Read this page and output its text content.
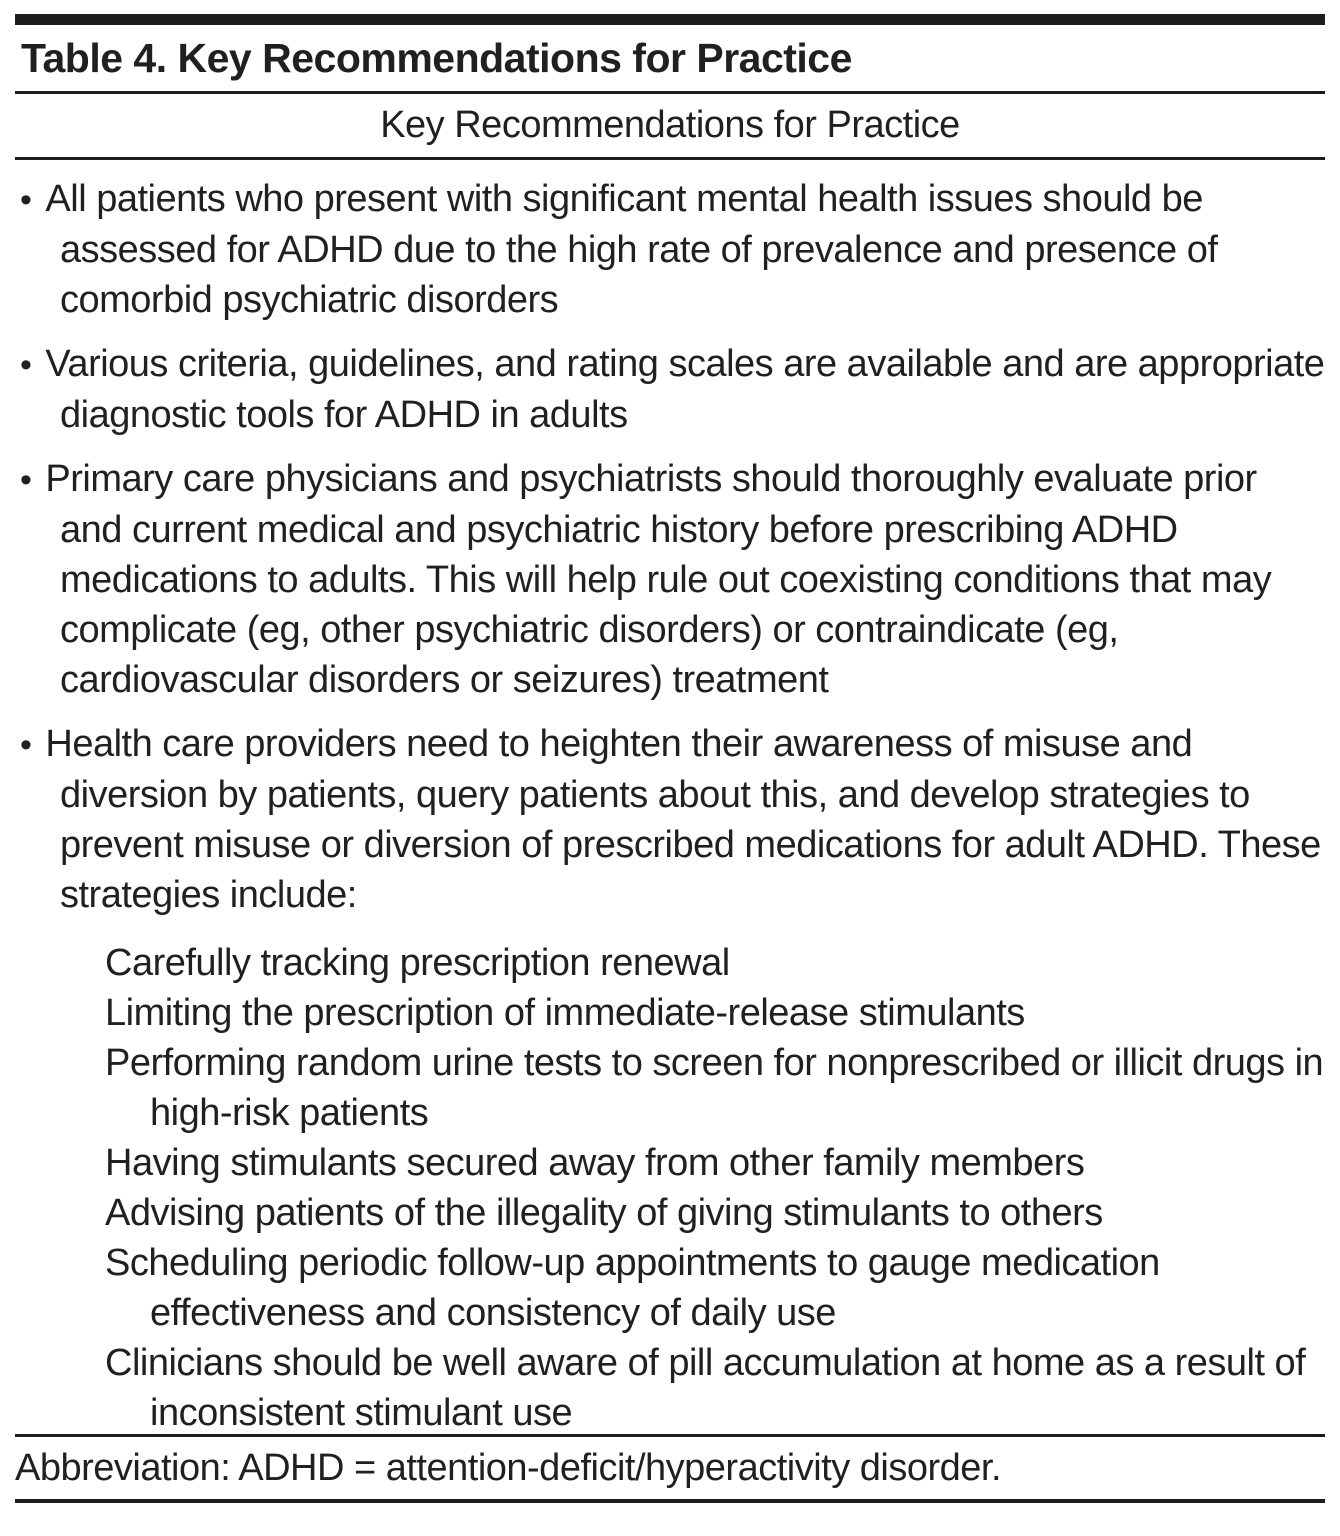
Table 4. Key Recommendations for Practice
Key Recommendations for Practice
• All patients who present with significant mental health issues should be assessed for ADHD due to the high rate of prevalence and presence of comorbid psychiatric disorders
• Various criteria, guidelines, and rating scales are available and are appropriate diagnostic tools for ADHD in adults
• Primary care physicians and psychiatrists should thoroughly evaluate prior and current medical and psychiatric history before prescribing ADHD medications to adults. This will help rule out coexisting conditions that may complicate (eg, other psychiatric disorders) or contraindicate (eg, cardiovascular disorders or seizures) treatment
• Health care providers need to heighten their awareness of misuse and diversion by patients, query patients about this, and develop strategies to prevent misuse or diversion of prescribed medications for adult ADHD. These strategies include:
Carefully tracking prescription renewal
Limiting the prescription of immediate-release stimulants
Performing random urine tests to screen for nonprescribed or illicit drugs in high-risk patients
Having stimulants secured away from other family members
Advising patients of the illegality of giving stimulants to others
Scheduling periodic follow-up appointments to gauge medication effectiveness and consistency of daily use
Clinicians should be well aware of pill accumulation at home as a result of inconsistent stimulant use
Abbreviation: ADHD = attention-deficit/hyperactivity disorder.
